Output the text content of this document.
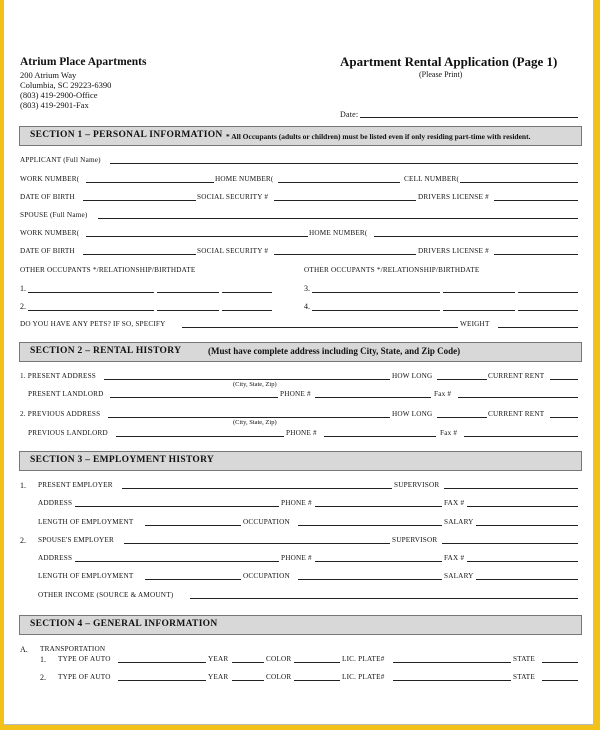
Atrium Place Apartments
200 Atrium Way
Columbia, SC 29223-6390
(803) 419-2900-Office
(803) 419-2901-Fax
Apartment Rental Application (Page 1)
(Please Print)
Date:
SECTION 1 – PERSONAL INFORMATION * All Occupants (adults or children) must be listed even if only residing part-time with resident.
APPLICANT (Full Name)
WORK NUMBER(	HOME NUMBER(	CELL NUMBER(
DATE OF BIRTH	SOCIAL SECURITY #	DRIVERS LICENSE #
SPOUSE (Full Name)
WORK NUMBER(	HOME NUMBER(
DATE OF BIRTH	SOCIAL SECURITY #	DRIVERS LICENSE #
OTHER OCCUPANTS */RELATIONSHIP/BIRTHDATE	OTHER OCCUPANTS */RELATIONSHIP/BIRTHDATE
1.	3.
2.	4.
DO YOU HAVE ANY PETS? IF SO, SPECIFY	WEIGHT
SECTION 2 – RENTAL HISTORY	(Must have complete address including City, State, and Zip Code)
1. PRESENT ADDRESS	HOW LONG	CURRENT RENT
(City, State, Zip)
PRESENT LANDLORD	PHONE #	Fax #
2. PREVIOUS ADDRESS	HOW LONG	CURRENT RENT
(City, State, Zip)
PREVIOUS LANDLORD	PHONE #	Fax #
SECTION 3 – EMPLOYMENT HISTORY
1. PRESENT EMPLOYER	SUPERVISOR
ADDRESS	PHONE #	FAX #
LENGTH OF EMPLOYMENT	OCCUPATION	SALARY
2. SPOUSE'S EMPLOYER	SUPERVISOR
ADDRESS	PHONE #	FAX #
LENGTH OF EMPLOYMENT	OCCUPATION	SALARY
OTHER INCOME (SOURCE & AMOUNT)
SECTION 4 – GENERAL INFORMATION
A. TRANSPORTATION
1. TYPE OF AUTO	YEAR	COLOR	LIC. PLATE#	STATE
2. TYPE OF AUTO	YEAR	COLOR	LIC. PLATE#	STATE
